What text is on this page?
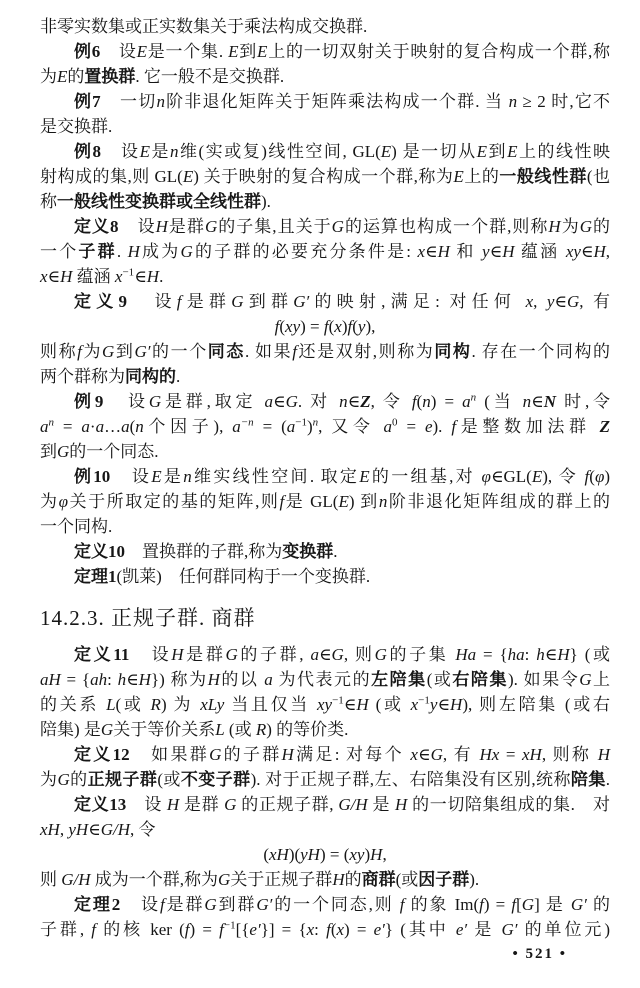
非零实数集或正实数集关于乘法构成交换群.
例6　设E是一个集. E到E上的一切双射关于映射的复合构成一个群,称
为E的置换群. 它一般不是交换群.
例7　一切n阶非退化矩阵关于矩阵乘法构成一个群. 当 n ≥ 2 时,它不
是交换群.
例8　设E是n维(实或复)线性空间, GL(E) 是一切从E到E上的线性映
射构成的集,则 GL(E) 关于映射的复合构成一个群,称为E上的一般线性群(也
称一般线性变换群或全线性群).
定义8　设H是群G的子集,且关于G的运算也构成一个群,则称H为G的
一个子群. H成为G的子群的必要充分条件是: x∈H 和 y∈H 蕴涵 xy∈H,
x∈H 蕴涵 $x^{-1}\in H$.
定义9　设f是群G到群G′的映射,满足: 对任何 x, y∈G, 有
f(xy) = f(x)f(y),
则称f为G到G′的一个同态. 如果f还是双射,则称为同构. 存在一个同构的
两个群称为同构的.
例9　设G是群,取定 a∈G. 对 n∈Z, 令 $f(n) = a^n$ (当 n∈N 时,令
$a^n$ = a·a…a(n个因子), $a^{-n} = (a^{-1})^n$, 又令 $a^0 = e$). f是整数加法群 Z
到G的一个同态.
例10　设E是n维实线性空间. 取定E的一组基,对 φ∈GL(E), 令 f(φ)
为φ关于所取定的基的矩阵,则f是 GL(E) 到n阶非退化矩阵组成的群上的
一个同构.
定义10　置换群的子群,称为变换群.
定理1(凯莱)　任何群同构于一个变换群.
14.2.3. 正规子群. 商群
定义11　设H是群G的子群, a∈G, 则G的子集 Ha = {ha: h∈H} (或
aH = {ah: h∈H}) 称为H的以 a 为代表元的左陪集(或右陪集). 如果令G上
的关系 L(或 R) 为 xLy 当且仅当 $xy^{-1}\in H$ (或 $x^{-1}y\in H$), 则左陪集 (或右
陪集) 是G关于等价关系L (或 R) 的等价类.
定义12　如果群G的子群H满足: 对每个 x∈G, 有 Hx = xH, 则称 H
为G的正规子群(或不变子群). 对于正规子群,左、右陪集没有区别,统称陪集.
定义13　设 H 是群 G 的正规子群, G/H 是 H 的一切陪集组成的集.　对
xH, yH∈G/H, 令
(xH)(yH) = (xy)H,
则 G/H 成为一个群,称为G关于正规子群H的商群(或因子群).
定理2　设f是群G到群G′的一个同态,则 f 的象 Im(f) = f[G] 是 G′ 的
子群, f 的核 ker $(f) = f^{-1}[\{e'\}] = \{x$: f(x) = e′} (其中 e′ 是 G′ 的单位元)
• 521 •
